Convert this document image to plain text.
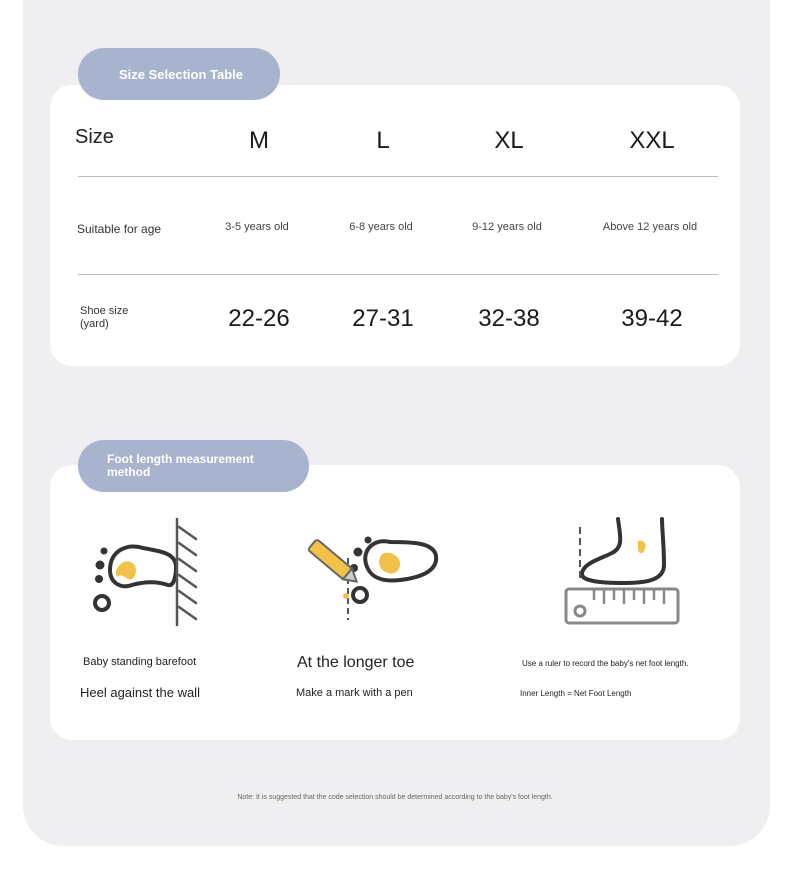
Size Selection Table
Size	M	L	XL	XXL
Suitable for age	3-5 years old	6-8 years old	9-12 years old	Above 12 years old
Shoe size
(yard)	22-26	27-31	32-38	39-42
Foot length measurement
method
Baby standing barefoot
Heel against the wall
At the longer toe
Make a mark with a pen
Use a ruler to record the baby's net foot length.
Inner Length = Net Foot Length
Note: It is suggested that the code selection should be determined according to the baby's foot length.
